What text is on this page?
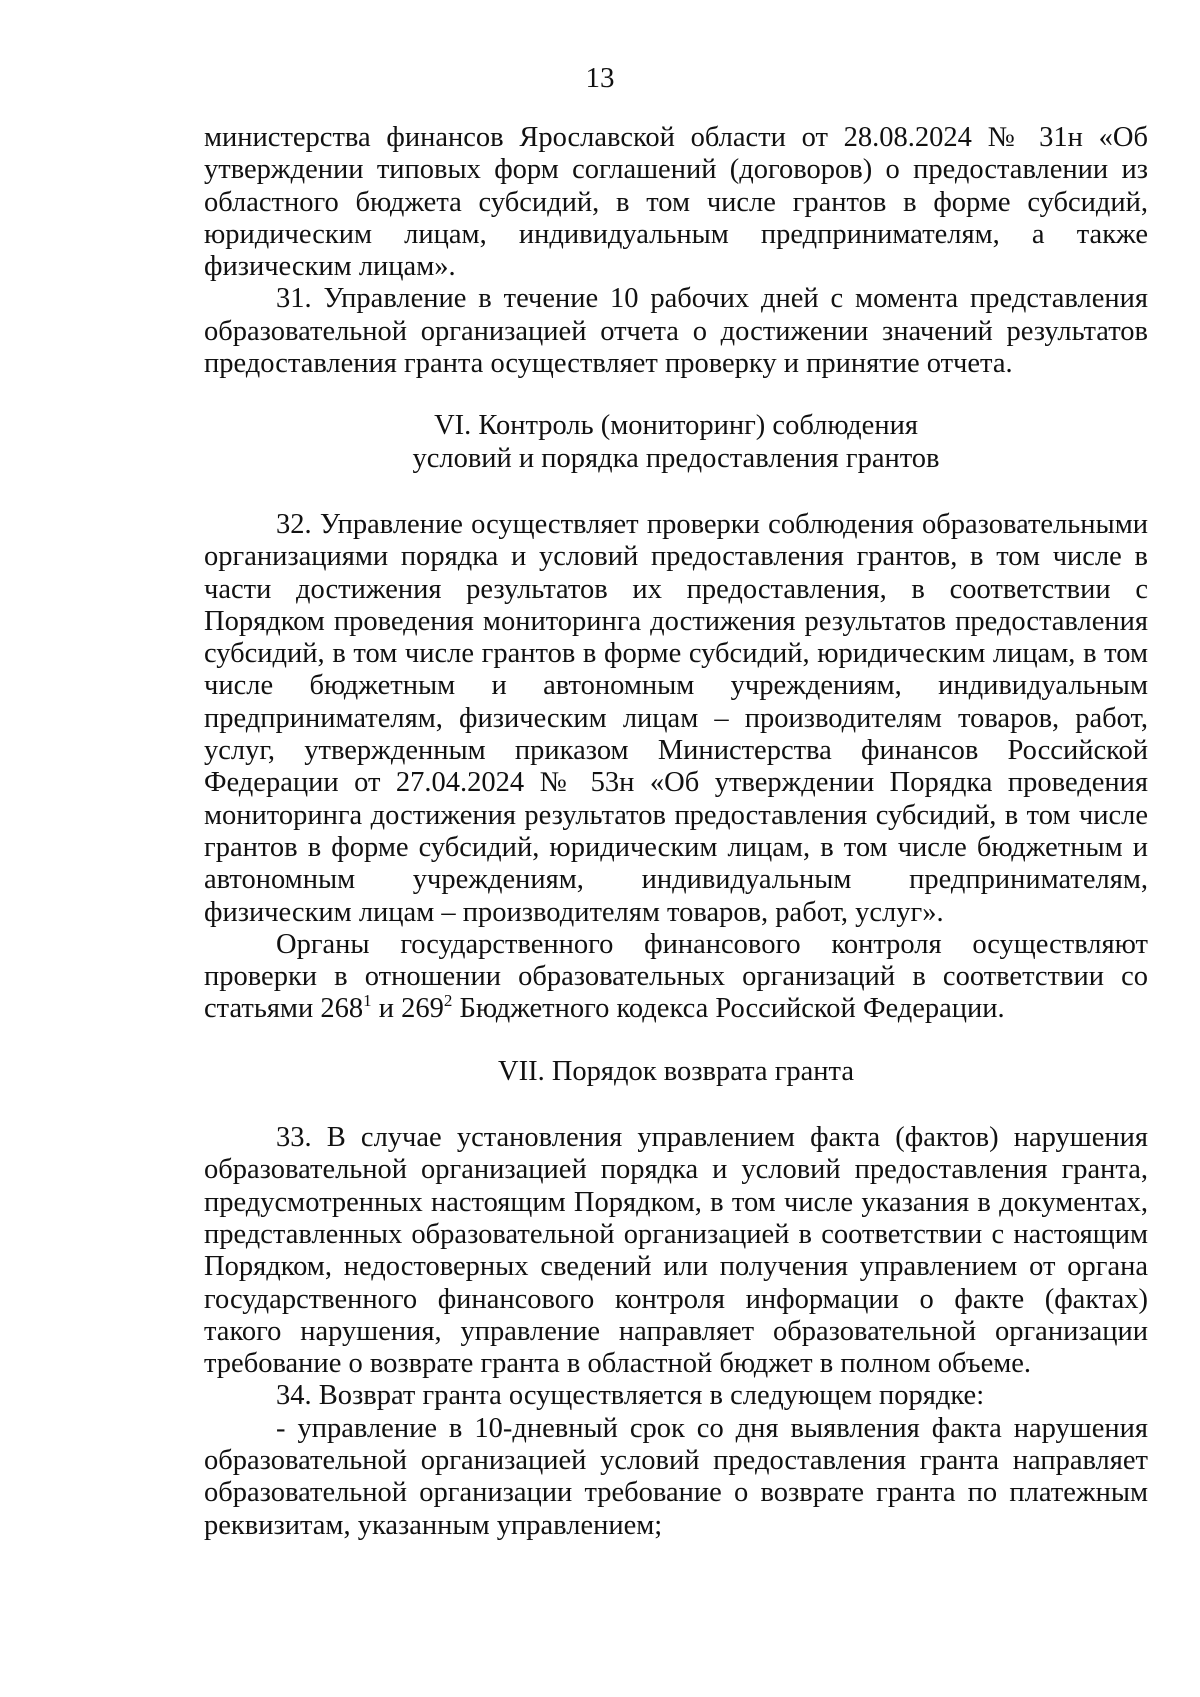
13

министерства финансов Ярославской области от 28.08.2024 № 31н «Об утверждении типовых форм соглашений (договоров) о предоставлении из областного бюджета субсидий, в том числе грантов в форме субсидий, юридическим лицам, индивидуальным предпринимателям, а также физическим лицам».

31. Управление в течение 10 рабочих дней с момента представления образовательной организацией отчета о достижении значений результатов предоставления гранта осуществляет проверку и принятие отчета.

VI. Контроль (мониторинг) соблюдения
условий и порядка предоставления грантов

32. Управление осуществляет проверки соблюдения образовательными организациями порядка и условий предоставления грантов, в том числе в части достижения результатов их предоставления, в соответствии с Порядком проведения мониторинга достижения результатов предоставления субсидий, в том числе грантов в форме субсидий, юридическим лицам, в том числе бюджетным и автономным учреждениям, индивидуальным предпринимателям, физическим лицам – производителям товаров, работ, услуг, утвержденным приказом Министерства финансов Российской Федерации от 27.04.2024 № 53н «Об утверждении Порядка проведения мониторинга достижения результатов предоставления субсидий, в том числе грантов в форме субсидий, юридическим лицам, в том числе бюджетным и автономным учреждениям, индивидуальным предпринимателям, физическим лицам – производителям товаров, работ, услуг».

Органы государственного финансового контроля осуществляют проверки в отношении образовательных организаций в соответствии со статьями $268^1$ и $269^2$ Бюджетного кодекса Российской Федерации.

VII. Порядок возврата гранта

33. В случае установления управлением факта (фактов) нарушения образовательной организацией порядка и условий предоставления гранта, предусмотренных настоящим Порядком, в том числе указания в документах, представленных образовательной организацией в соответствии с настоящим Порядком, недостоверных сведений или получения управлением от органа государственного финансового контроля информации о факте (фактах) такого нарушения, управление направляет образовательной организации требование о возврате гранта в областной бюджет в полном объеме.

34. Возврат гранта осуществляется в следующем порядке:

- управление в 10-дневный срок со дня выявления факта нарушения образовательной организацией условий предоставления гранта направляет образовательной организации требование о возврате гранта по платежным реквизитам, указанным управлением;
